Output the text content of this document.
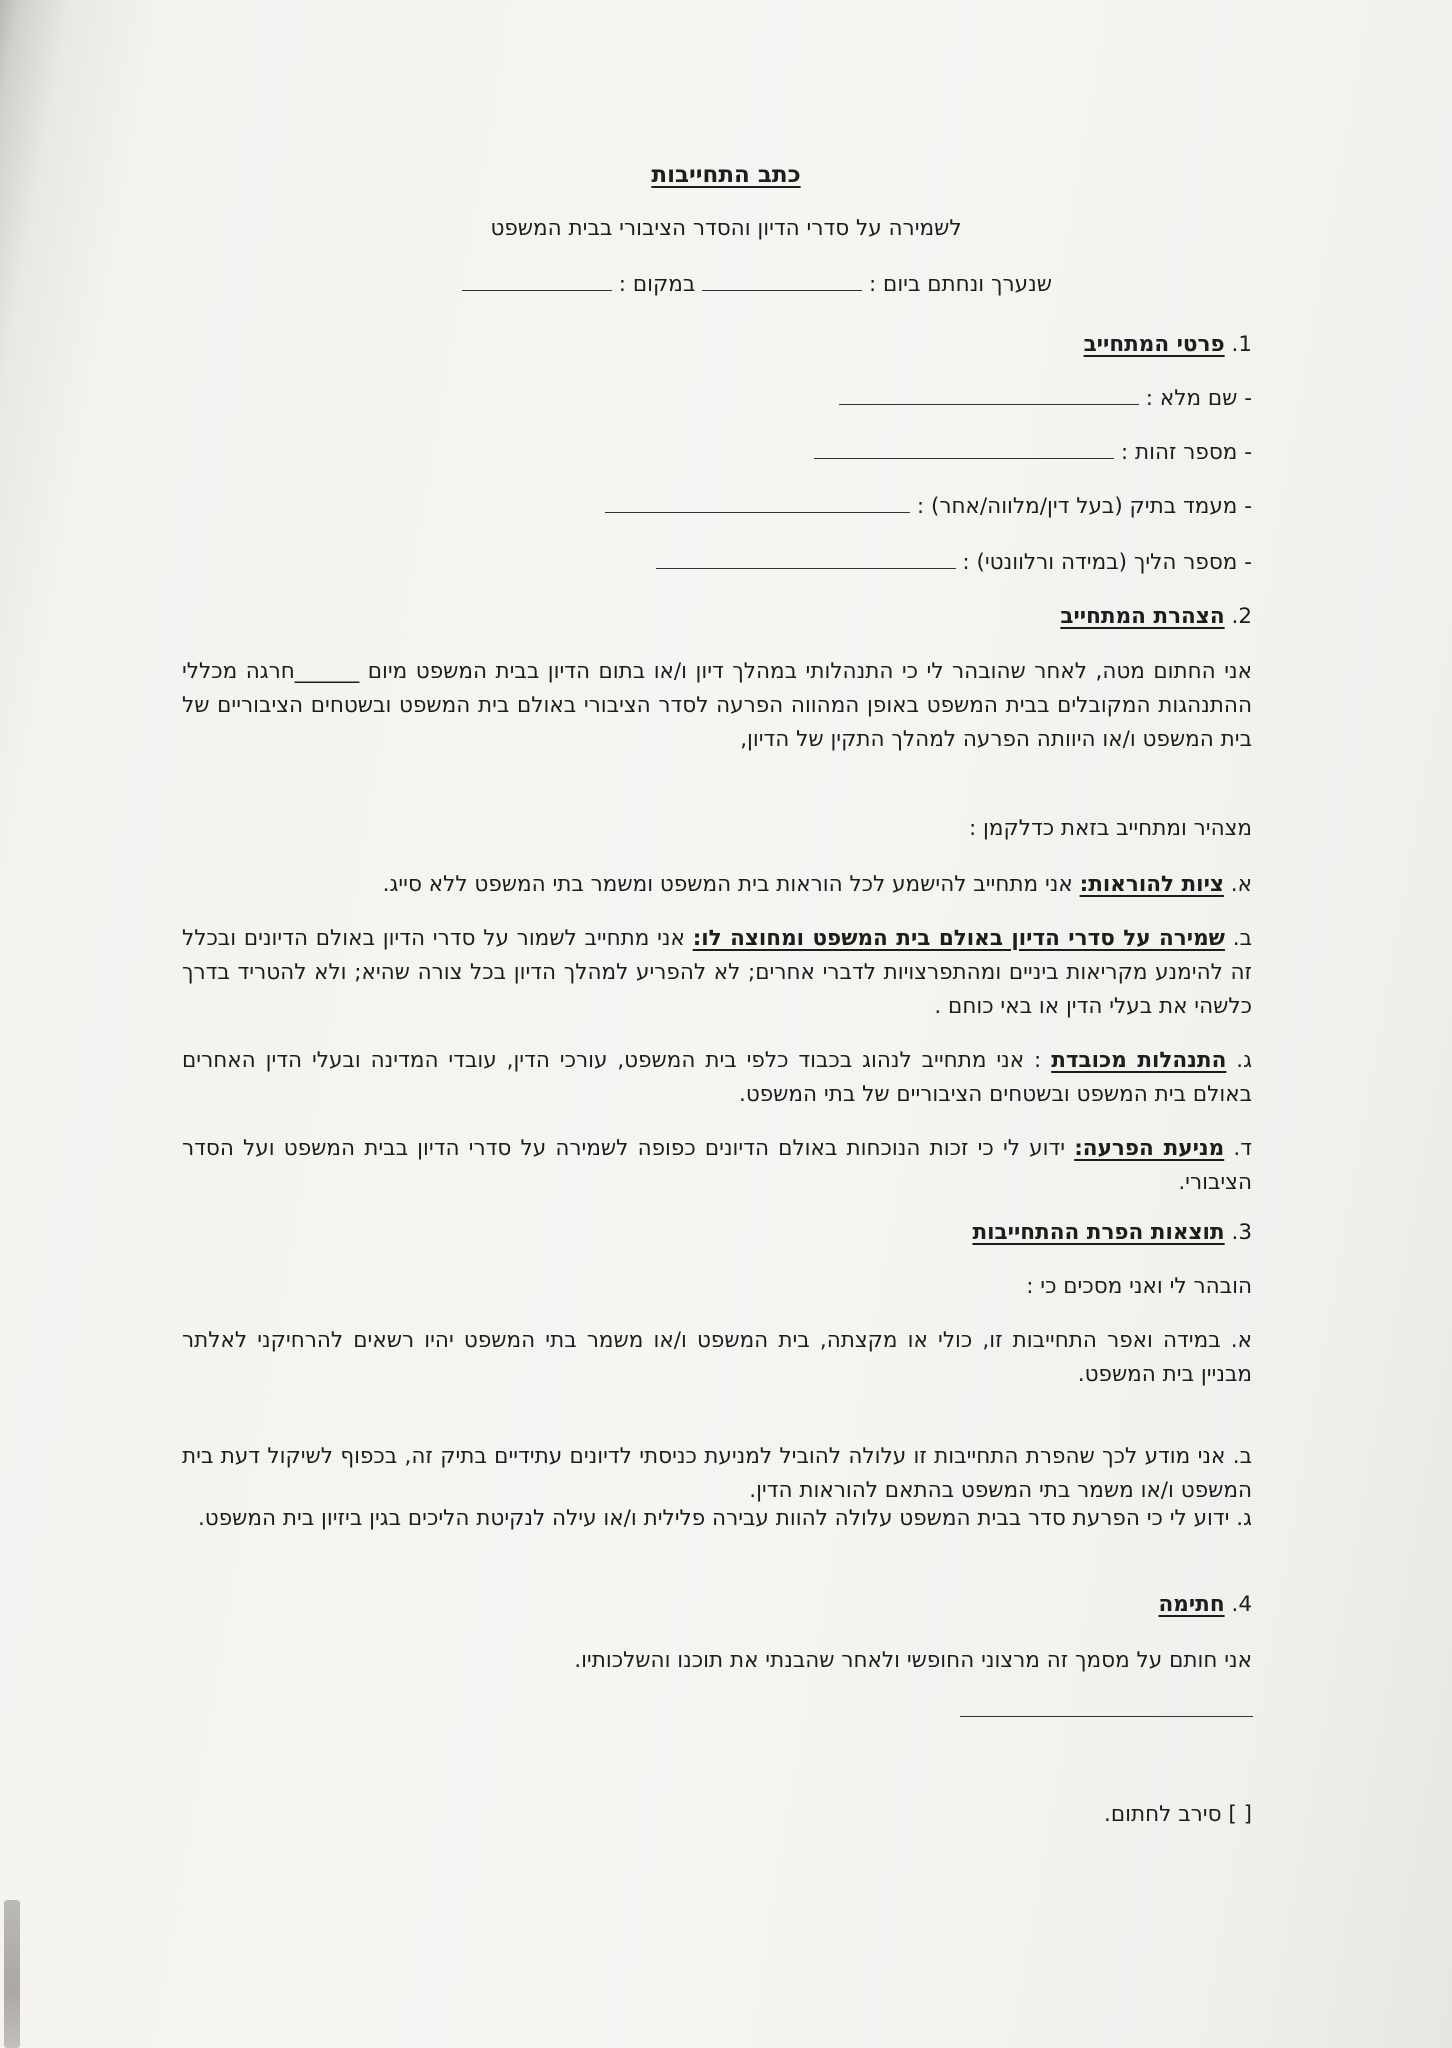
כתב התחייבות
לשמירה על סדרי הדיון והסדר הציבורי בבית המשפט
שנערך ונחתם ביום :  במקום :
1. פרטי המתחייב
- שם מלא :
- מספר זהות :
- מעמד בתיק (בעל דין/מלווה/אחר) :
- מספר הליך (במידה ורלוונטי) :
2. הצהרת המתחייב
אני החתום מטה, לאחר שהובהר לי כי התנהלותי במהלך דיון ו/או בתום הדיון בבית המשפט מיום ______חרגה מכללי ההתנהגות המקובלים בבית המשפט באופן המהווה הפרעה לסדר הציבורי באולם בית המשפט ובשטחים הציבוריים של בית המשפט ו/או היוותה הפרעה למהלך התקין של הדיון,
מצהיר ומתחייב בזאת כדלקמן :
א. ציות להוראות: אני מתחייב להישמע לכל הוראות בית המשפט ומשמר בתי המשפט ללא סייג.
ב. שמירה על סדרי הדיון באולם בית המשפט ומחוצה לו: אני מתחייב לשמור על סדרי הדיון באולם הדיונים ובכלל זה להימנע מקריאות ביניים ומהתפרצויות לדברי אחרים; לא להפריע למהלך הדיון בכל צורה שהיא; ולא להטריד בדרך כלשהי את בעלי הדין או באי כוחם .
ג. התנהלות מכובדת : אני מתחייב לנהוג בכבוד כלפי בית המשפט, עורכי הדין, עובדי המדינה ובעלי הדין האחרים באולם בית המשפט ובשטחים הציבוריים של בתי המשפט.
ד. מניעת הפרעה: ידוע לי כי זכות הנוכחות באולם הדיונים כפופה לשמירה על סדרי הדיון בבית המשפט ועל הסדר הציבורי.
3. תוצאות הפרת ההתחייבות
הובהר לי ואני מסכים כי :
א. במידה ואפר התחייבות זו, כולי או מקצתה, בית המשפט ו/או משמר בתי המשפט יהיו רשאים להרחיקני לאלתר מבניין בית המשפט.
ב. אני מודע לכך שהפרת התחייבות זו עלולה להוביל למניעת כניסתי לדיונים עתידיים בתיק זה, בכפוף לשיקול דעת בית המשפט ו/או משמר בתי המשפט בהתאם להוראות הדין.
ג. ידוע לי כי הפרעת סדר בבית המשפט עלולה להוות עבירה פלילית ו/או עילה לנקיטת הליכים בגין ביזיון בית המשפט.
4. חתימה
אני חותם על מסמך זה מרצוני החופשי ולאחר שהבנתי את תוכנו והשלכותיו.
[ ] סירב לחתום.
